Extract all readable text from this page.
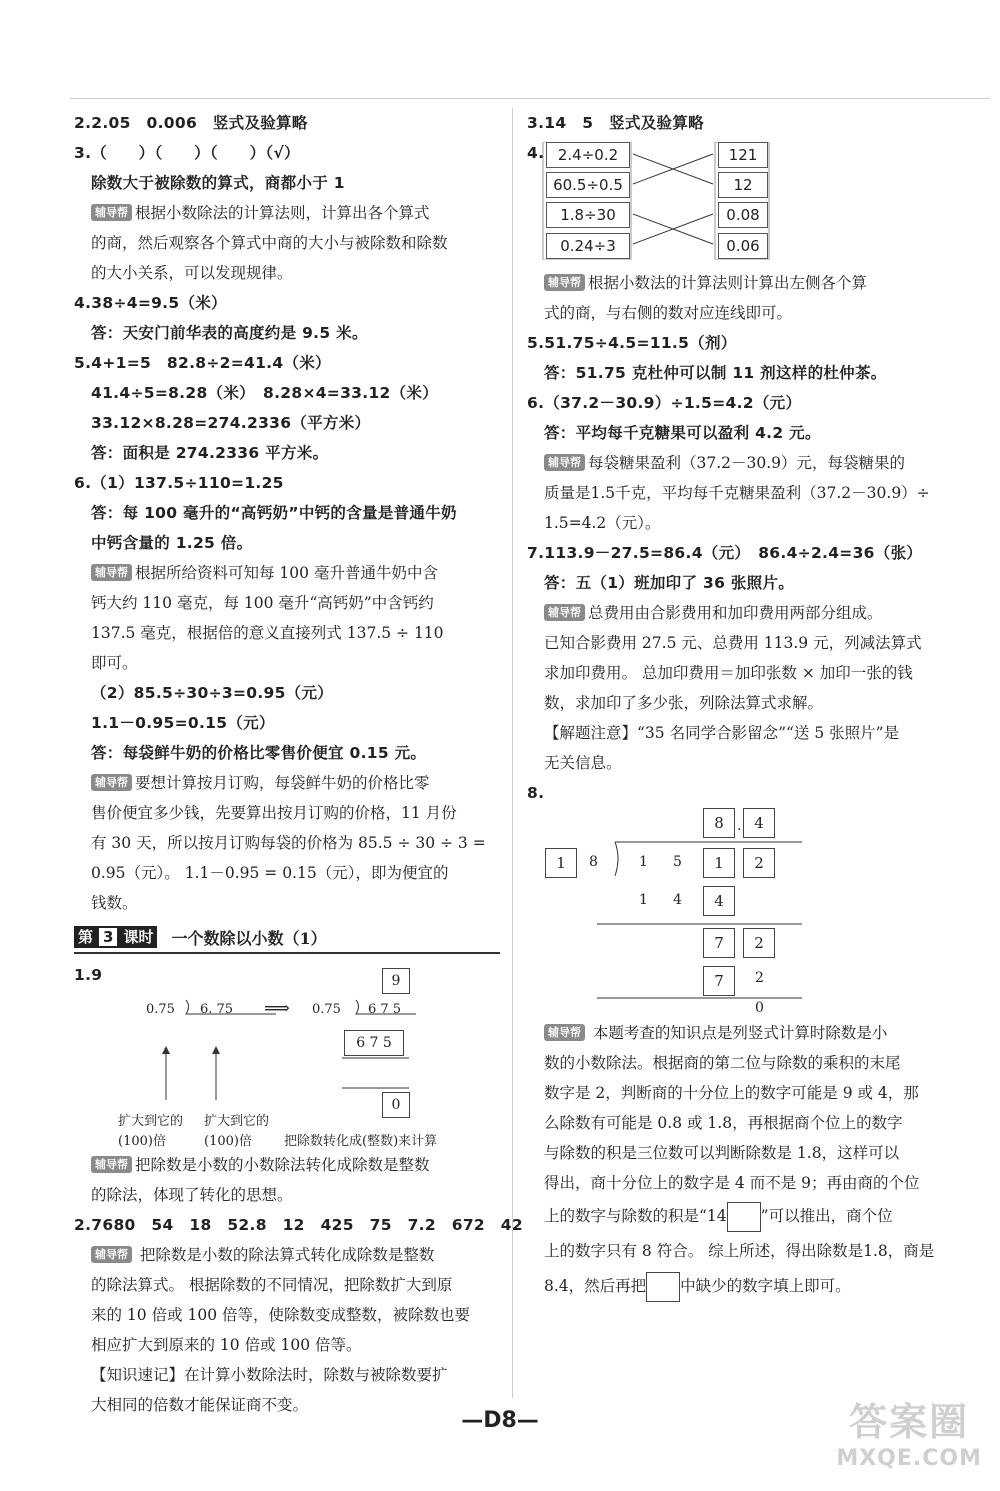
2.2.05　0.006　竖式及验算略
3.（　　）（　　）（　　）（√）
除数大于被除数的算式，商都小于 1
辅导帮 根据小数除法的计算法则，计算出各个算式
的商，然后观察各个算式中商的大小与被除数和除数
的大小关系，可以发现规律。
4.38÷4=9.5（米）
答：天安门前华表的高度约是 9.5 米。
5.4+1=5　82.8÷2=41.4（米）
41.4÷5=8.28（米）　8.28×4=33.12（米）
33.12×8.28=274.2336（平方米）
答：面积是 274.2336 平方米。
6.（1）137.5÷110=1.25
答：每 100 毫升的“高钙奶”中钙的含量是普通牛奶
中钙含量的 1.25 倍。
辅导帮 根据所给资料可知每 100 毫升普通牛奶中含
钙大约 110 毫克，每 100 毫升“高钙奶”中含钙约
137.5 毫克，根据倍的意义直接列式 137.5 ÷ 110
即可。
（2）85.5÷30÷3=0.95（元）
1.1－0.95=0.15（元）
答：每袋鲜牛奶的价格比零售价便宜 0.15 元。
辅导帮 要想计算按月订购，每袋鲜牛奶的价格比零
售价便宜多少钱，先要算出按月订购的价格，11 月份
有 30 天，所以按月订购每袋的价格为 85.5 ÷ 30 ÷ 3 =
0.95（元）。 1.1－0.95 = 0.15（元），即为便宜的
钱数。
第 3 课时 一个数除以小数（1）
1.9
0.75 6. 75 ⟹ 0.75 6 7 5
9
6 7 5
0
扩大到它的
(100)倍
扩大到它的
(100)倍 把除数转化成(整数)来计算
辅导帮 把除数是小数的小数除法转化成除数是整数
的除法，体现了转化的思想。
2.7680　54　18　52.8　12　425　75　7.2　672　42
辅导帮 把除数是小数的除法算式转化成除数是整数
的除法算式。 根据除数的不同情况，把除数扩大到原
来的 10 倍或 100 倍等，使除数变成整数，被除数也要
相应扩大到原来的 10 倍或 100 倍等。
【知识速记】在计算小数除法时，除数与被除数要扩
大相同的倍数才能保证商不变。
3.14　5　竖式及验算略
4. 2.4÷0.2
60.5÷0.5
1.8÷30
0.24÷3
121
12
0.08
0.06
辅导帮 根据小数法的计算法则计算出左侧各个算
式的商，与右侧的数对应连线即可。
5.51.75÷4.5=11.5（剂）
答：51.75 克杜仲可以制 11 剂这样的杜仲茶。
6.（37.2－30.9）÷1.5=4.2（元）
答：平均每千克糖果可以盈利 4.2 元。
辅导帮 每袋糖果盈利（37.2－30.9）元，每袋糖果的
质量是1.5千克，平均每千克糖果盈利（37.2－30.9）÷
1.5=4.2（元）。
7.113.9－27.5=86.4（元）　86.4÷2.4=36（张）
答：五（1）班加印了 36 张照片。
辅导帮 总费用由合影费用和加印费用两部分组成。
已知合影费用 27.5 元、总费用 113.9 元，列减法算式
求加印费用。 总加印费用＝加印张数 × 加印一张的钱
数，求加印了多少张，列除法算式求解。
【解题注意】“35 名同学合影留念”“送 5 张照片”是
无关信息。
8.
8 . 4
1	8	1 5	1	2
1 4	4
7	2
7	2
0
辅导帮 本题考查的知识点是列竖式计算时除数是小
数的小数除法。根据商的第二位与除数的乘积的末尾
数字是 2，判断商的十分位上的数字可能是 9 或 4，那
么除数有可能是 0.8 或 1.8，再根据商个位上的数字
与除数的积是三位数可以判断除数是 1.8，这样可以
得出，商十分位上的数字是 4 而不是 9；再由商的个位
上的数字与除数的积是“14 ”可以推出，商个位
上的数字只有 8 符合。 综上所述，得出除数是1.8，商是
8.4，然后再把 中缺少的数字填上即可。
—D8—	答案圈
MXQE.COM
